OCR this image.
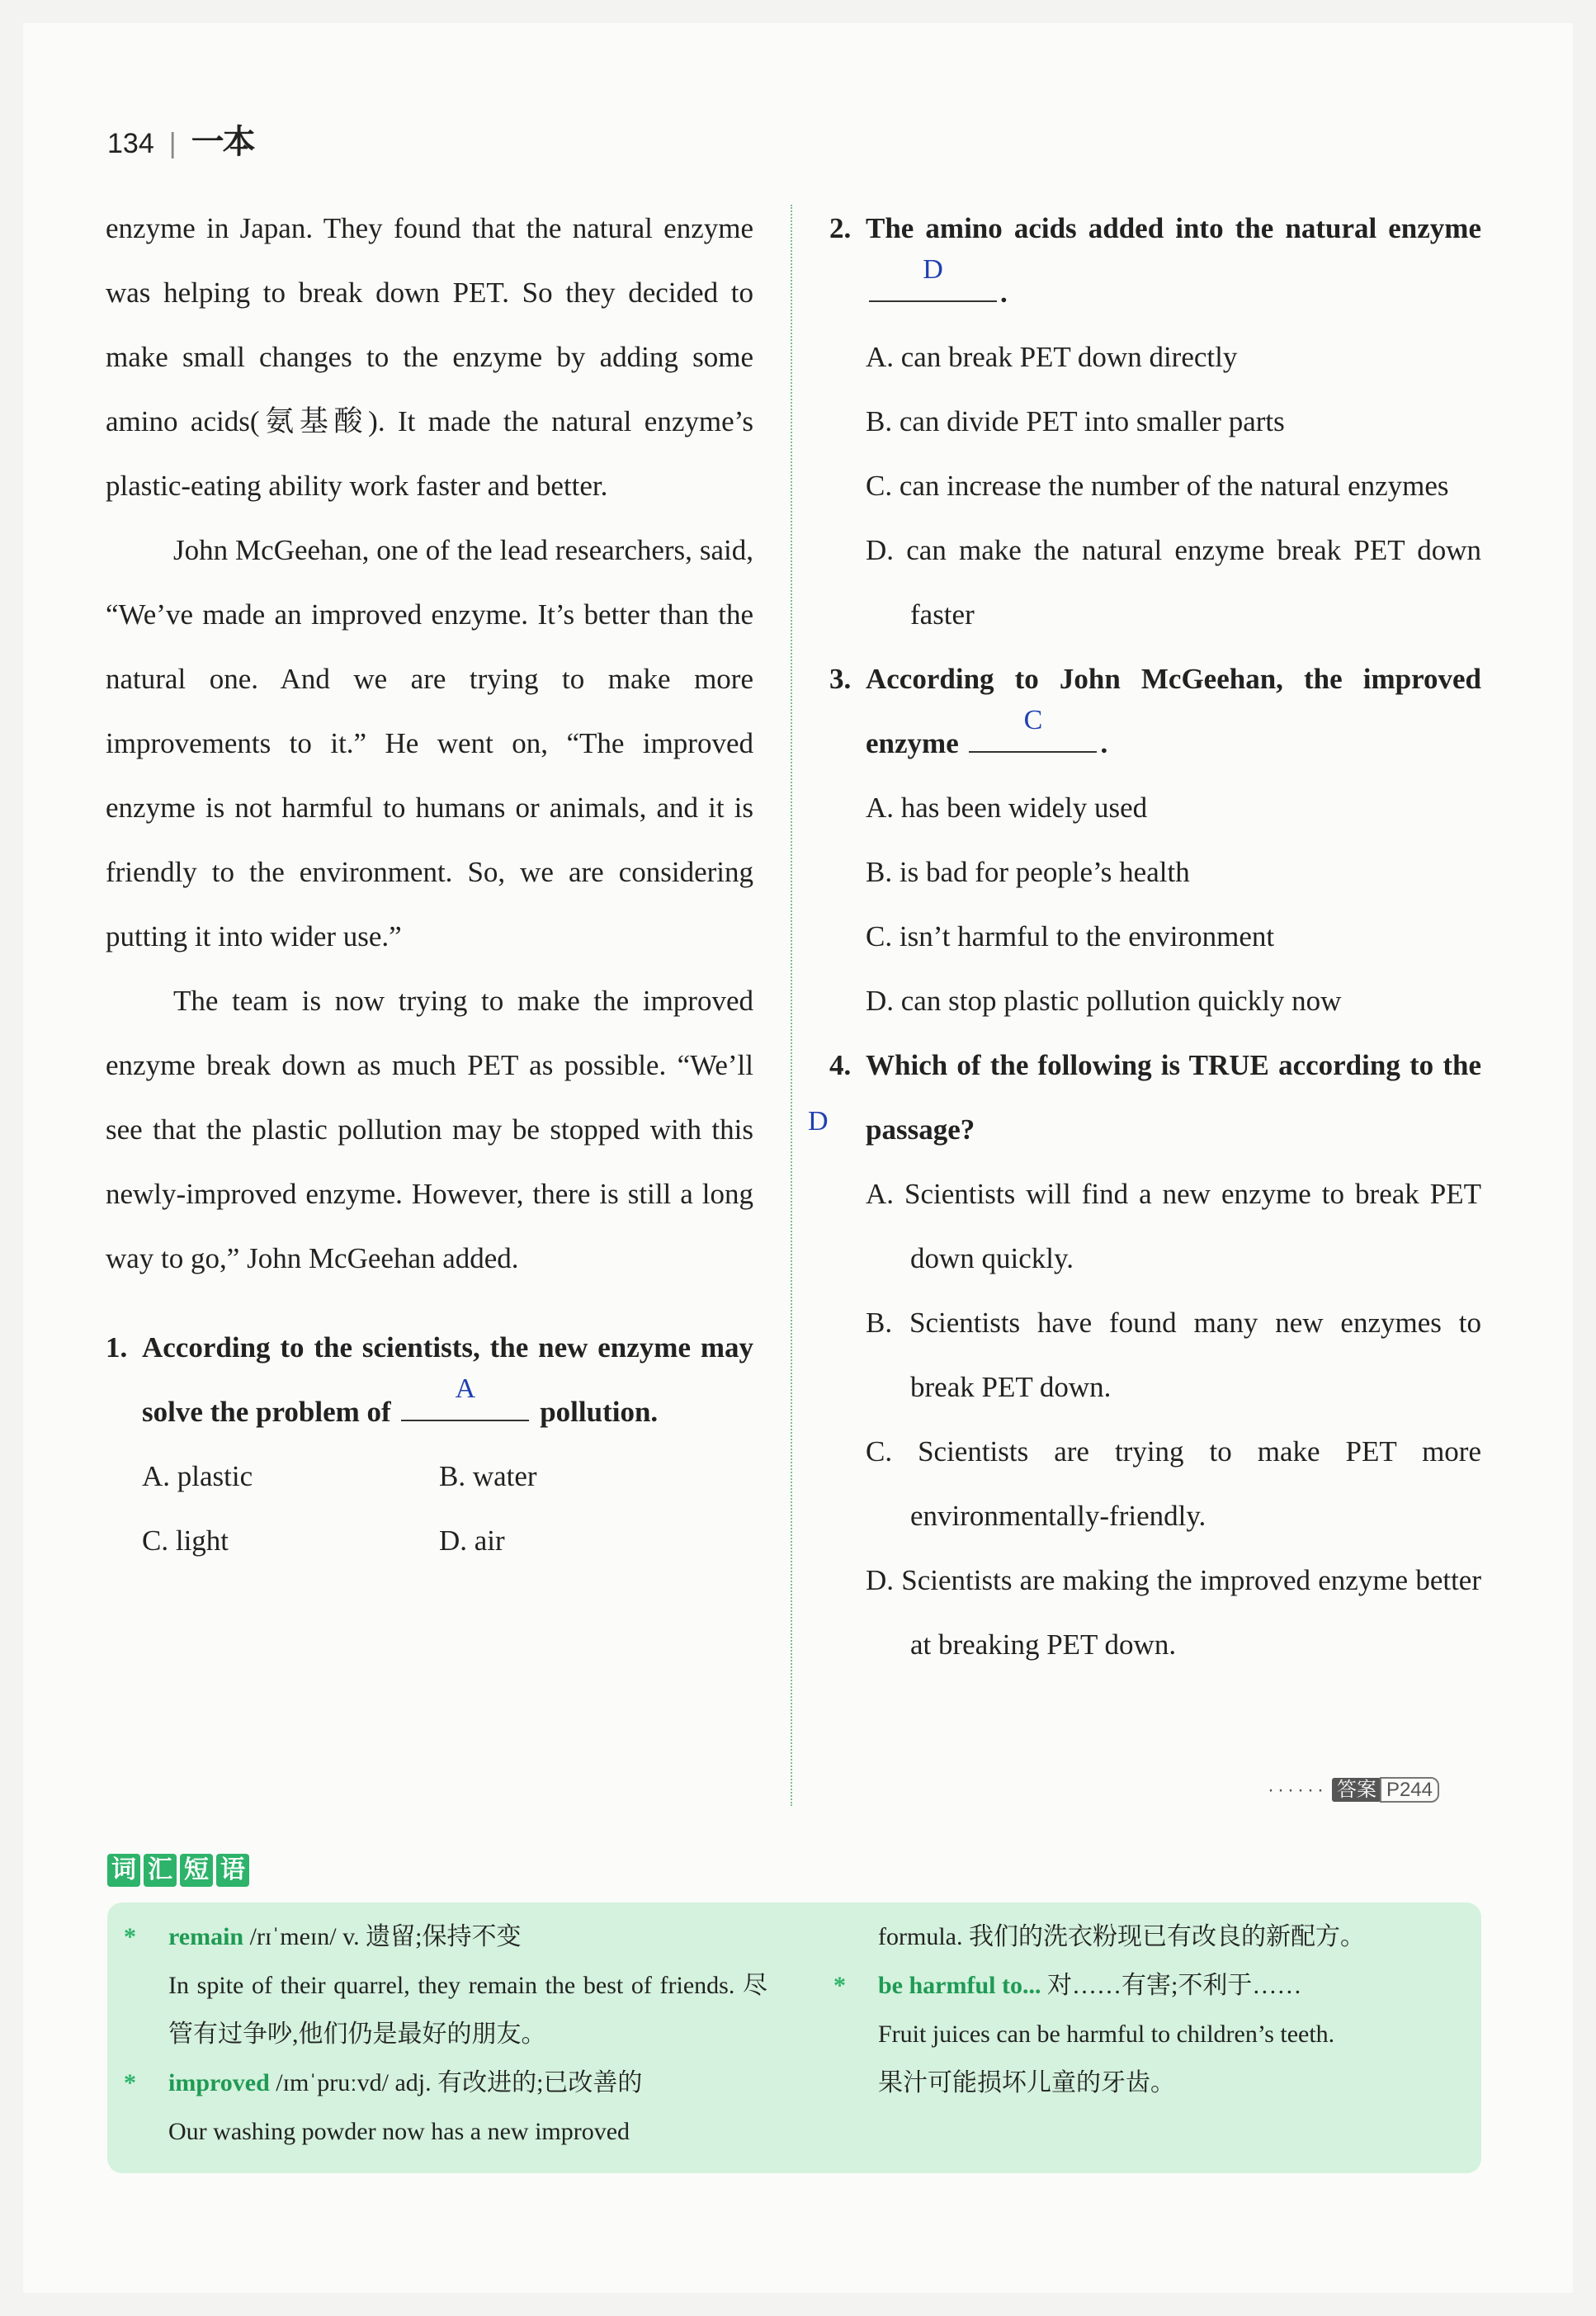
134 | 一本

enzyme in Japan. They found that the natural enzyme was helping to break down PET. So they decided to make small changes to the enzyme by adding some amino acids(氨基酸). It made the natural enzyme’s plastic-eating ability work faster and better.

John McGeehan, one of the lead researchers, said, “We’ve made an improved enzyme. It’s better than the natural one. And we are trying to make more improvements to it.” He went on, “The improved enzyme is not harmful to humans or animals, and it is friendly to the environment. So, we are considering putting it into wider use.”

The team is now trying to make the improved enzyme break down as much PET as possible. “We’ll see that the plastic pollution may be stopped with this newly-improved enzyme. However, there is still a long way to go,” John McGeehan added.

1. According to the scientists, the new enzyme may solve the problem of
A
pollution.
A. plastic	B. water
C. light	D. air
2. The amino acids added into the natural enzyme
D
.
A. can break PET down directly
B. can divide PET into smaller parts
C. can increase the number of the natural enzymes
D. can make the natural enzyme break PET down faster
3. According to John McGeehan, the improved enzyme
C
.
A. has been widely used
B. is bad for people’s health
C. isn’t harmful to the environment
D. can stop plastic pollution quickly now
D
4. Which of the following is TRUE according to the passage?
A. Scientists will find a new enzyme to break PET down quickly.
B. Scientists have found many new enzymes to break PET down.
C. Scientists are trying to make PET more environmentally-friendly.
D. Scientists are making the improved enzyme better at breaking PET down.
······ 答案 P244
词 汇 短 语
* remain /rɪˈmeɪn/ v. 遗留;保持不变
In spite of their quarrel, they remain the best of friends. 尽管有过争吵,他们仍是最好的朋友。
* improved /ɪmˈpruːvd/ adj. 有改进的;已改善的
Our washing powder now has a new improved
formula. 我们的洗衣粉现已有改良的新配方。
* be harmful to... 对……有害;不利于……
Fruit juices can be harmful to children’s teeth.
果汁可能损坏儿童的牙齿。
